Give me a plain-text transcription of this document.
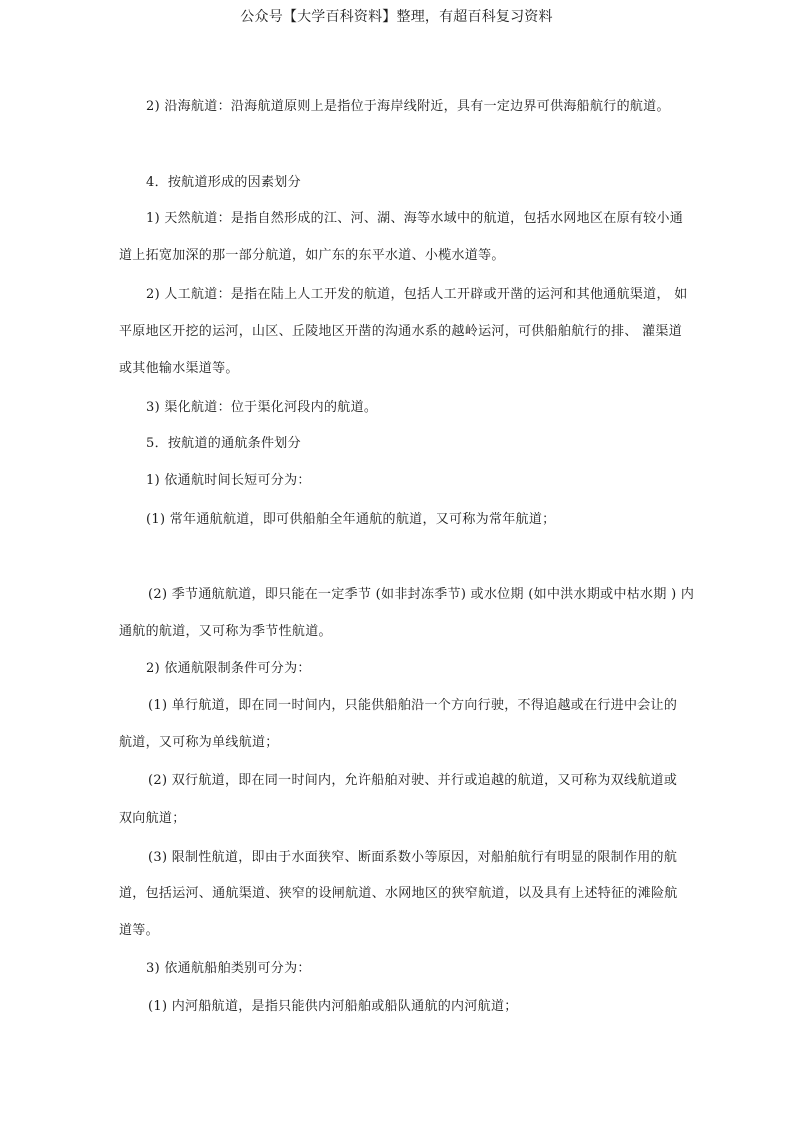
公众号【大学百科资料】整理，有超百科复习资料
2) 沿海航道：沿海航道原则上是指位于海岸线附近，具有一定边界可供海船航行的航道。
4．按航道形成的因素划分
1) 天然航道：是指自然形成的江、河、湖、海等水域中的航道，包括水网地区在原有较小通
道上拓宽加深的那一部分航道，如广东的东平水道、小榄水道等。
2) 人工航道：是指在陆上人工开发的航道，包括人工开辟或开凿的运河和其他通航渠道， 如
平原地区开挖的运河，山区、丘陵地区开凿的沟通水系的越岭运河，可供船舶航行的排、 灌渠道
或其他输水渠道等。
3) 渠化航道：位于渠化河段内的航道。
5．按航道的通航条件划分
1) 依通航时间长短可分为：
(1) 常年通航航道，即可供船舶全年通航的航道，又可称为常年航道；
(2) 季节通航航道，即只能在一定季节 (如非封冻季节) 或水位期 (如中洪水期或中枯水期 ) 内
通航的航道，又可称为季节性航道。
2) 依通航限制条件可分为：
(1) 单行航道，即在同一时间内，只能供船舶沿一个方向行驶，不得追越或在行进中会让的
航道，又可称为单线航道；
(2) 双行航道，即在同一时间内，允许船舶对驶、并行或追越的航道，又可称为双线航道或
双向航道；
(3) 限制性航道，即由于水面狭窄、断面系数小等原因，对船舶航行有明显的限制作用的航
道，包括运河、通航渠道、狭窄的设闸航道、水网地区的狭窄航道，以及具有上述特征的滩险航
道等。
3) 依通航船舶类别可分为：
(1) 内河船航道，是指只能供内河船舶或船队通航的内河航道；
